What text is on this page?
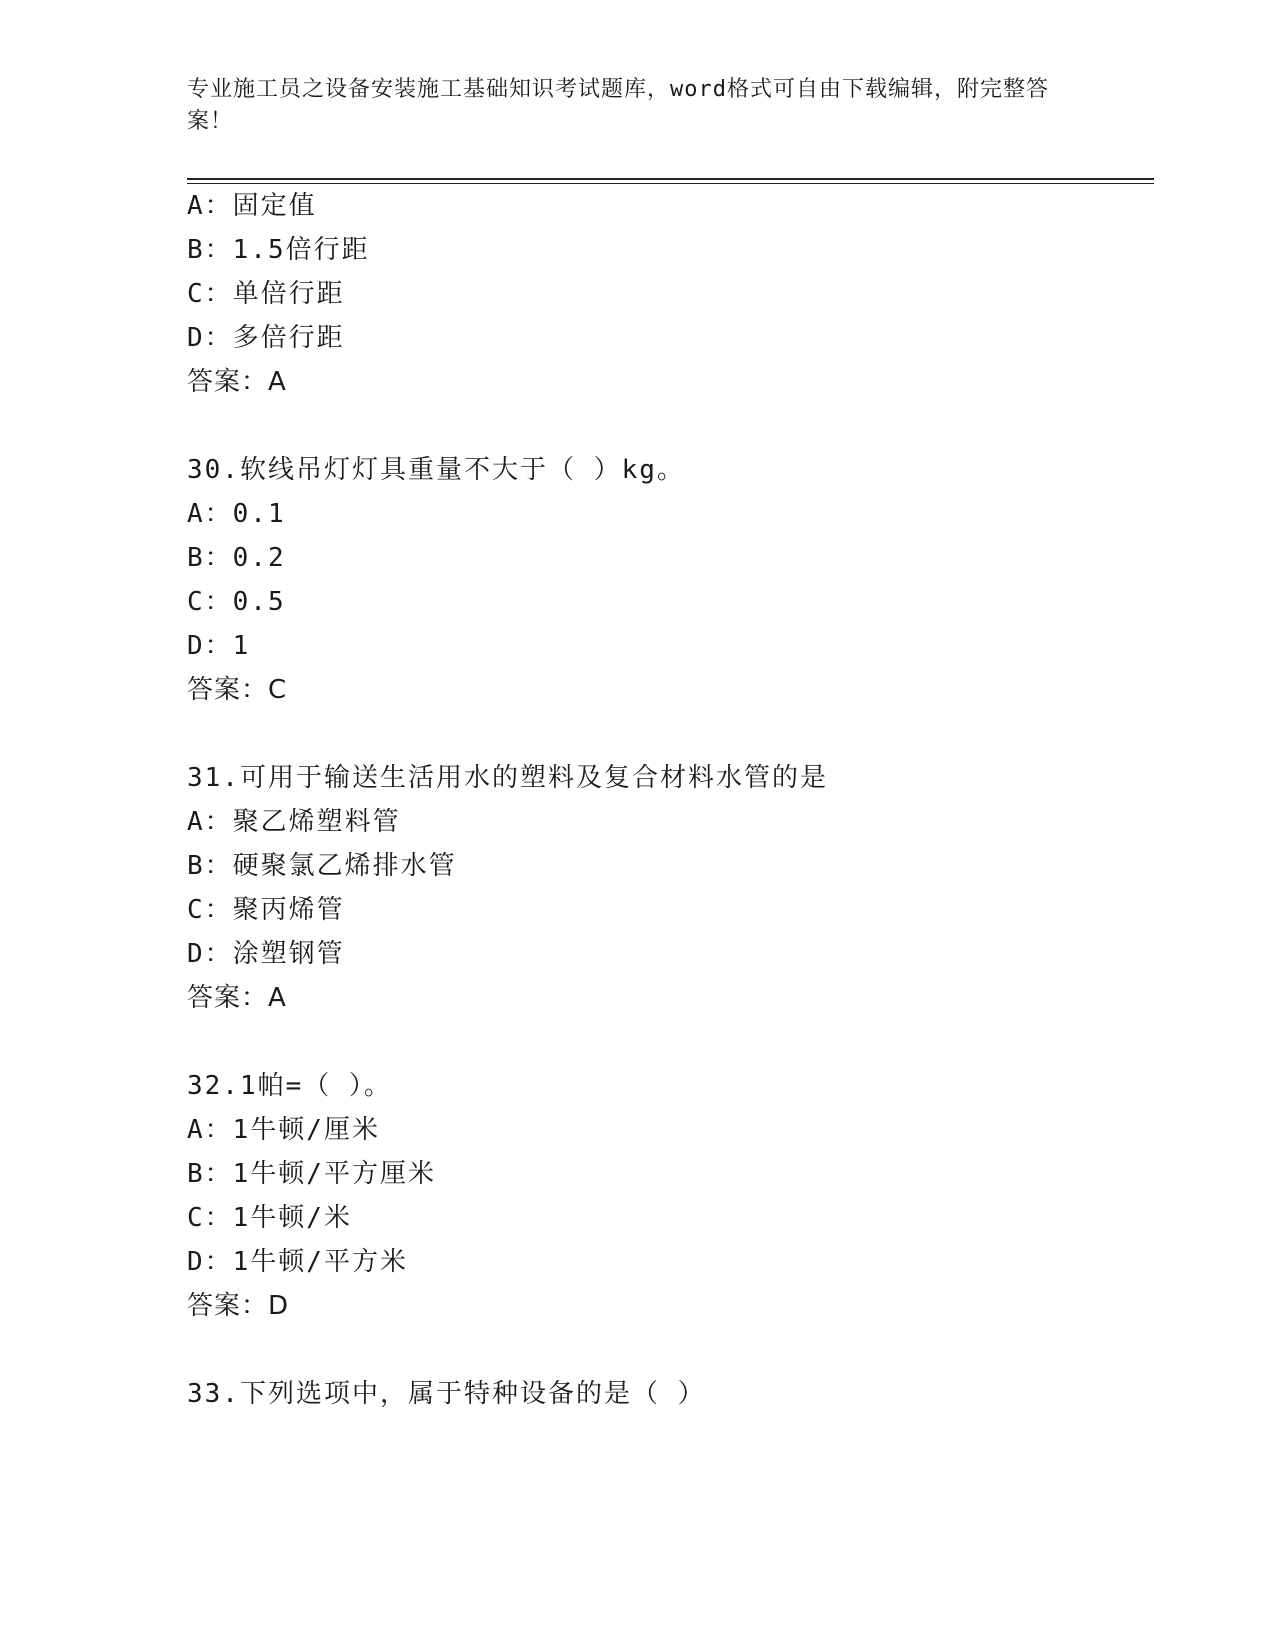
专业施工员之设备安装施工基础知识考试题库，word格式可自由下载编辑，附完整答案！
A：固定值
B：1.5倍行距
C：单倍行距
D：多倍行距
答案：A
30.软线吊灯灯具重量不大于（ ）kg。
A：0.1
B：0.2
C：0.5
D：1
答案：C
31.可用于输送生活用水的塑料及复合材料水管的是
A：聚乙烯塑料管
B：硬聚氯乙烯排水管
C：聚丙烯管
D：涂塑钢管
答案：A
32.1帕=（ ）。
A：1牛顿/厘米
B：1牛顿/平方厘米
C：1牛顿/米
D：1牛顿/平方米
答案：D
33.下列选项中，属于特种设备的是（ ）
